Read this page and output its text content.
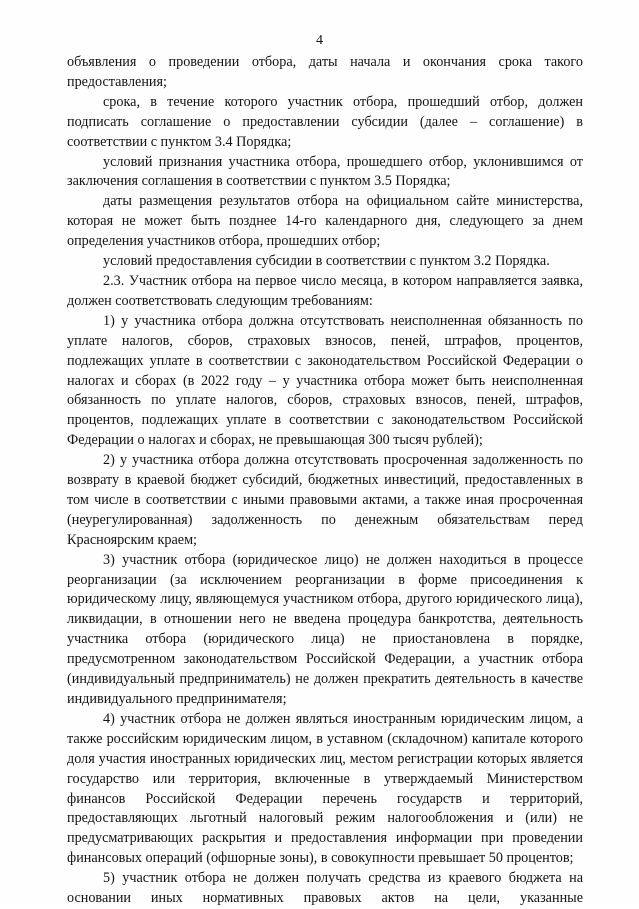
4

объявления о проведении отбора, даты начала и окончания срока такого предоставления;

срока, в течение которого участник отбора, прошедший отбор, должен подписать соглашение о предоставлении субсидии (далее – соглашение) в соответствии с пунктом 3.4 Порядка;

условий признания участника отбора, прошедшего отбор, уклонившимся от заключения соглашения в соответствии с пунктом 3.5 Порядка;

даты размещения результатов отбора на официальном сайте министерства, которая не может быть позднее 14-го календарного дня, следующего за днем определения участников отбора, прошедших отбор;

условий предоставления субсидии в соответствии с пунктом 3.2 Порядка.

2.3. Участник отбора на первое число месяца, в котором направляется заявка, должен соответствовать следующим требованиям:

1) у участника отбора должна отсутствовать неисполненная обязанность по уплате налогов, сборов, страховых взносов, пеней, штрафов, процентов, подлежащих уплате в соответствии с законодательством Российской Федерации о налогах и сборах (в 2022 году – у участника отбора может быть неисполненная обязанность по уплате налогов, сборов, страховых взносов, пеней, штрафов, процентов, подлежащих уплате в соответствии с законодательством Российской Федерации о налогах и сборах, не превышающая 300 тысяч рублей);

2) у участника отбора должна отсутствовать просроченная задолженность по возврату в краевой бюджет субсидий, бюджетных инвестиций, предоставленных в том числе в соответствии с иными правовыми актами, а также иная просроченная (неурегулированная) задолженность по денежным обязательствам перед Красноярским краем;

3) участник отбора (юридическое лицо) не должен находиться в процессе реорганизации (за исключением реорганизации в форме присоединения к юридическому лицу, являющемуся участником отбора, другого юридического лица), ликвидации, в отношении него не введена процедура банкротства, деятельность участника отбора (юридического лица) не приостановлена в порядке, предусмотренном законодательством Российской Федерации, а участник отбора (индивидуальный предприниматель) не должен прекратить деятельность в качестве индивидуального предпринимателя;

4) участник отбора не должен являться иностранным юридическим лицом, а также российским юридическим лицом, в уставном (складочном) капитале которого доля участия иностранных юридических лиц, местом регистрации которых является государство или территория, включенные в утверждаемый Министерством финансов Российской Федерации перечень государств и территорий, предоставляющих льготный налоговый режим налогообложения и (или) не предусматривающих раскрытия и предоставления информации при проведении финансовых операций (офшорные зоны), в совокупности превышает 50 процентов;

5) участник отбора не должен получать средства из краевого бюджета на основании иных нормативных правовых актов на цели, указанные
